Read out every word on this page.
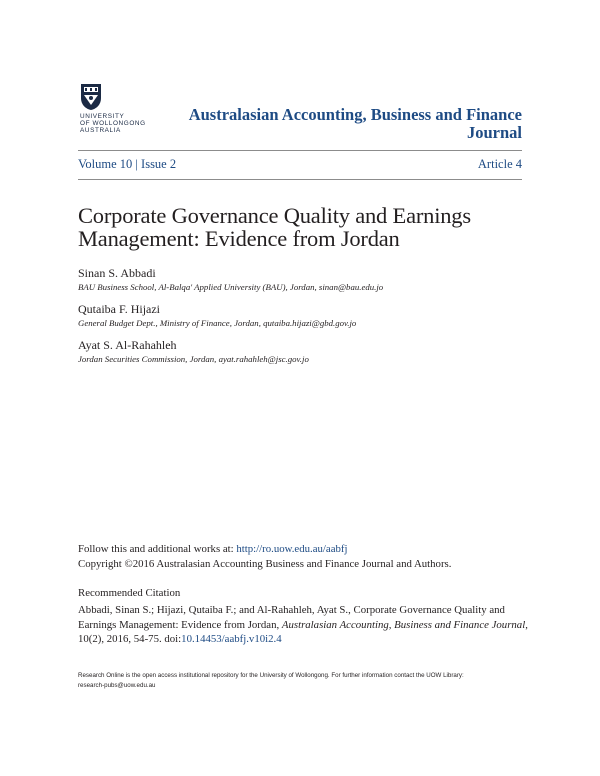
UNIVERSITY
OF WOLLONGONG
AUSTRALIA
Australasian Accounting, Business and Finance Journal
Volume 10 | Issue 2	Article 4
Corporate Governance Quality and Earnings Management: Evidence from Jordan
Sinan S. Abbadi
BAU Business School, Al-Balqa' Applied University (BAU), Jordan, sinan@bau.edu.jo
Qutaiba F. Hijazi
General Budget Dept., Ministry of Finance, Jordan, qutaiba.hijazi@gbd.gov.jo
Ayat S. Al-Rahahleh
Jordan Securities Commission, Jordan, ayat.rahahleh@jsc.gov.jo
Follow this and additional works at: http://ro.uow.edu.au/aabfj
Copyright ©2016 Australasian Accounting Business and Finance Journal and Authors.
Recommended Citation
Abbadi, Sinan S.; Hijazi, Qutaiba F.; and Al-Rahahleh, Ayat S., Corporate Governance Quality and Earnings Management: Evidence from Jordan, Australasian Accounting, Business and Finance Journal, 10(2), 2016, 54-75. doi:10.14453/aabfj.v10i2.4
Research Online is the open access institutional repository for the University of Wollongong. For further information contact the UOW Library:
research-pubs@uow.edu.au
